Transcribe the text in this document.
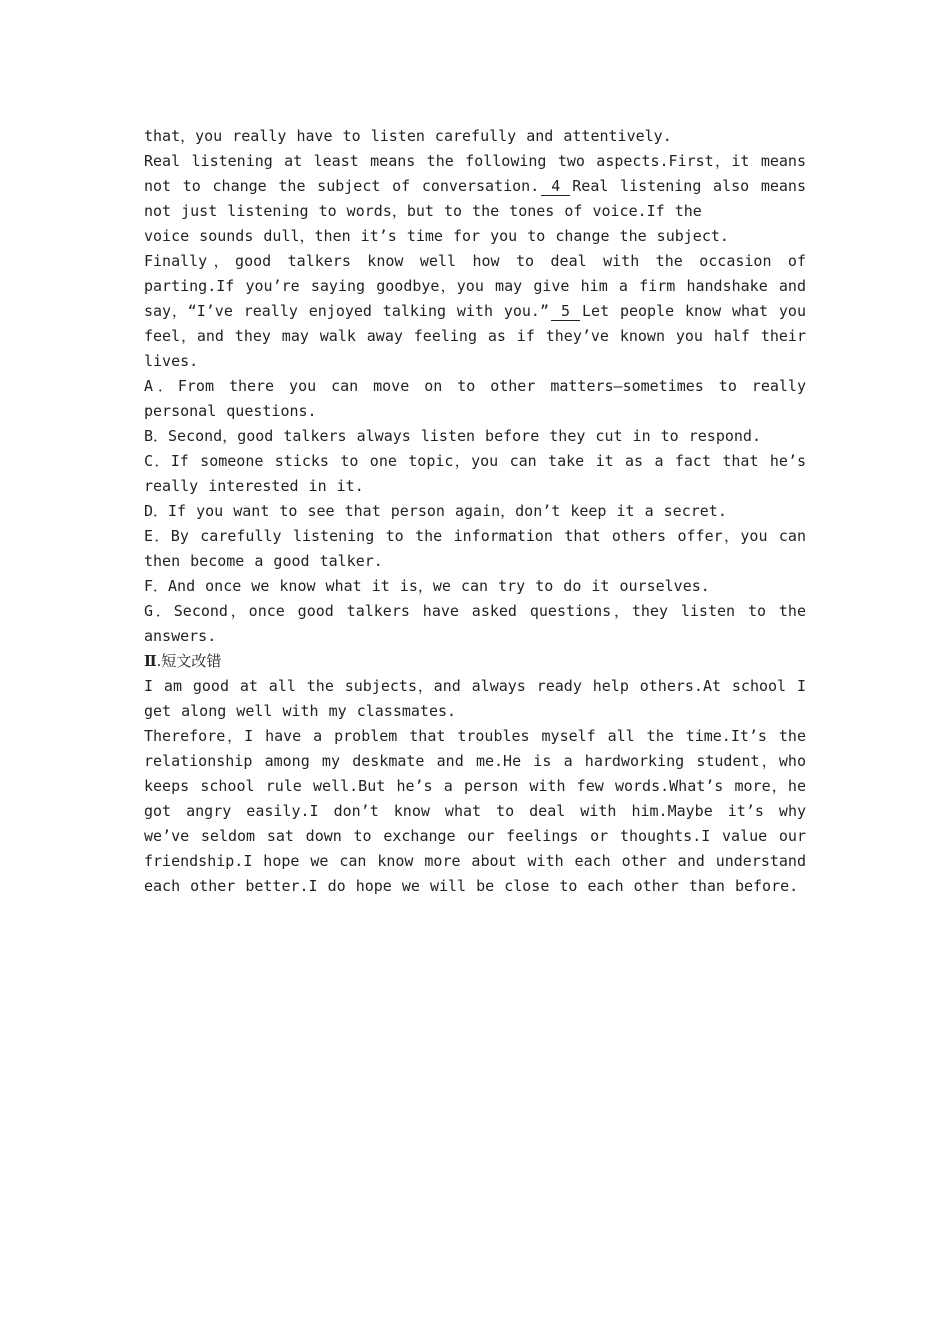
that，you really have to listen carefully and attentively.

Real listening at least means the following two aspects.First，it means not to change the subject of conversation. 4 Real listening also means not just listening to words，but to the tones of voice.If the

voice sounds dull，then it’s time for you to change the subject.

Finally，good talkers know well how to deal with the occasion of parting.If you’re saying goodbye，you may give him a firm handshake and say，“I’ve really enjoyed talking with you.” 5 Let people know what you feel，and they may walk away feeling as if they’ve known you half their lives.

A．From there you can move on to other matters—sometimes to really personal questions.

B．Second，good talkers always listen before they cut in to respond.

C．If someone sticks to one topic，you can take it as a fact that he’s really interested in it.

D．If you want to see that person again，don’t keep it a secret.

E．By carefully listening to the information that others offer，you can then become a good talker.

F．And once we know what it is，we can try to do it ourselves.

G．Second，once good talkers have asked questions，they listen to the answers.

Ⅱ.短文改错

I am good at all the subjects，and always ready help others.At school I get along well with my classmates.

Therefore，I have a problem that troubles myself all the time.It’s the relationship among my deskmate and me.He is a hardworking student，who keeps school rule well.But he’s a person with few words.What’s more，he got angry easily.I don’t know what to deal with him.Maybe it’s why we’ve seldom sat down to exchange our feelings or thoughts.I value our friendship.I hope we can know more about with each other and understand each other better.I do hope we will be close to each other than before.
